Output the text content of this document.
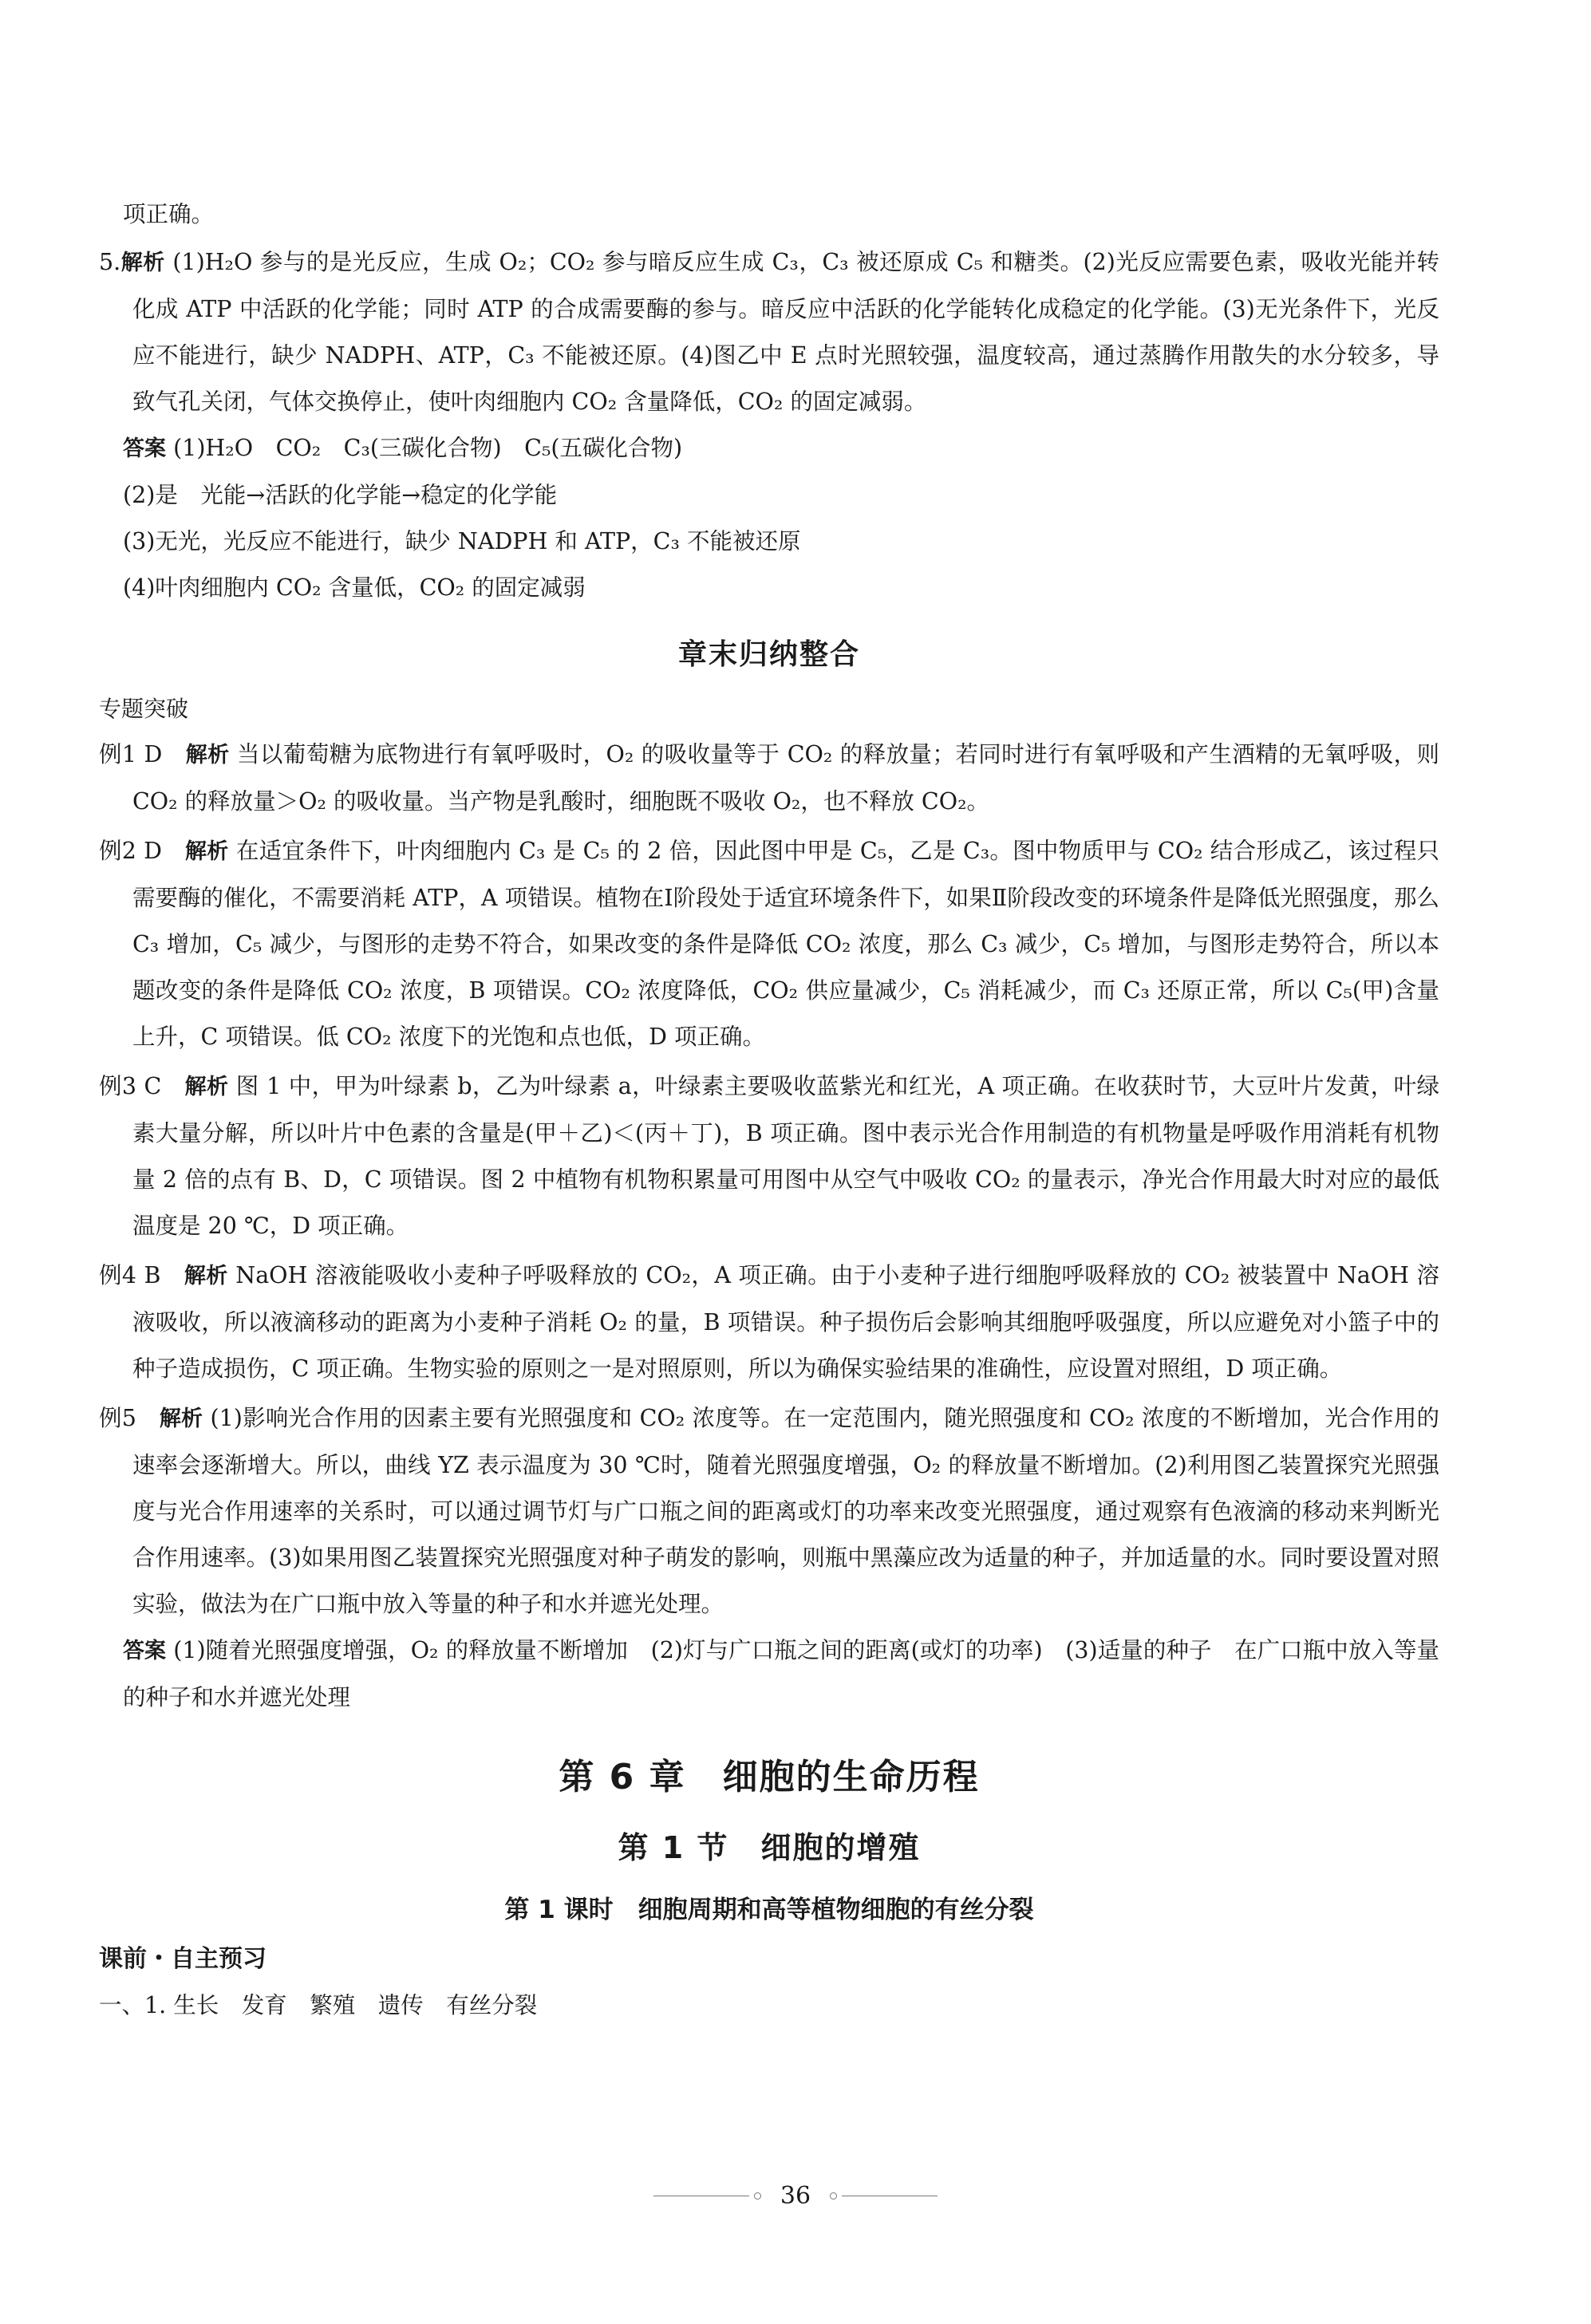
项正确。

5.解析 (1)H₂O 参与的是光反应，生成 O₂；CO₂ 参与暗反应生成 C₃，C₃ 被还原成 C₅ 和糖类。(2)光反应需要色素，吸收光能并转化成 ATP 中活跃的化学能；同时 ATP 的合成需要酶的参与。暗反应中活跃的化学能转化成稳定的化学能。(3)无光条件下，光反应不能进行，缺少 NADPH、ATP，C₃ 不能被还原。(4)图乙中 E 点时光照较强，温度较高，通过蒸腾作用散失的水分较多，导致气孔关闭，气体交换停止，使叶肉细胞内 CO₂ 含量降低，CO₂ 的固定减弱。

答案 (1)H₂O　CO₂　C₃(三碳化合物)　C₅(五碳化合物)

(2)是　光能→活跃的化学能→稳定的化学能

(3)无光，光反应不能进行，缺少 NADPH 和 ATP，C₃ 不能被还原

(4)叶肉细胞内 CO₂ 含量低，CO₂ 的固定减弱

章末归纳整合

专题突破

例1 D　 解析 当以葡萄糖为底物进行有氧呼吸时，O₂ 的吸收量等于 CO₂ 的释放量；若同时进行有氧呼吸和产生酒精的无氧呼吸，则 CO₂ 的释放量＞O₂ 的吸收量。当产物是乳酸时，细胞既不吸收 O₂，也不释放 CO₂。

例2 D　 解析 在适宜条件下，叶肉细胞内 C₃ 是 C₅ 的 2 倍，因此图中甲是 C₅，乙是 C₃。图中物质甲与 CO₂ 结合形成乙，该过程只需要酶的催化，不需要消耗 ATP，A 项错误。植物在Ⅰ阶段处于适宜环境条件下，如果Ⅱ阶段改变的环境条件是降低光照强度，那么 C₃ 增加，C₅ 减少，与图形的走势不符合，如果改变的条件是降低 CO₂ 浓度，那么 C₃ 减少，C₅ 增加，与图形走势符合，所以本题改变的条件是降低 CO₂ 浓度，B 项错误。CO₂ 浓度降低，CO₂ 供应量减少，C₅ 消耗减少，而 C₃ 还原正常，所以 C₅(甲)含量上升，C 项错误。低 CO₂ 浓度下的光饱和点也低，D 项正确。

例3 C　 解析 图 1 中，甲为叶绿素 b，乙为叶绿素 a，叶绿素主要吸收蓝紫光和红光，A 项正确。在收获时节，大豆叶片发黄，叶绿素大量分解，所以叶片中色素的含量是(甲＋乙)＜(丙＋丁)，B 项正确。图中表示光合作用制造的有机物量是呼吸作用消耗有机物量 2 倍的点有 B、D，C 项错误。图 2 中植物有机物积累量可用图中从空气中吸收 CO₂ 的量表示，净光合作用最大时对应的最低温度是 20 ℃，D 项正确。

例4 B　 解析 NaOH 溶液能吸收小麦种子呼吸释放的 CO₂，A 项正确。由于小麦种子进行细胞呼吸释放的 CO₂ 被装置中 NaOH 溶液吸收，所以液滴移动的距离为小麦种子消耗 O₂ 的量，B 项错误。种子损伤后会影响其细胞呼吸强度，所以应避免对小篮子中的种子造成损伤，C 项正确。生物实验的原则之一是对照原则，所以为确保实验结果的准确性，应设置对照组，D 项正确。

例5　 解析 (1)影响光合作用的因素主要有光照强度和 CO₂ 浓度等。在一定范围内，随光照强度和 CO₂ 浓度的不断增加，光合作用的速率会逐渐增大。所以，曲线 YZ 表示温度为 30 ℃时，随着光照强度增强，O₂ 的释放量不断增加。(2)利用图乙装置探究光照强度与光合作用速率的关系时，可以通过调节灯与广口瓶之间的距离或灯的功率来改变光照强度，通过观察有色液滴的移动来判断光合作用速率。(3)如果用图乙装置探究光照强度对种子萌发的影响，则瓶中黑藻应改为适量的种子，并加适量的水。同时要设置对照实验，做法为在广口瓶中放入等量的种子和水并遮光处理。

答案 (1)随着光照强度增强，O₂ 的释放量不断增加　(2)灯与广口瓶之间的距离(或灯的功率)　(3)适量的种子　在广口瓶中放入等量的种子和水并遮光处理

第 6 章　细胞的生命历程
第 1 节　细胞的增殖
第 1 课时　细胞周期和高等植物细胞的有丝分裂

课前・自主预习

一、1. 生长　发育　繁殖　遗传　有丝分裂

36
